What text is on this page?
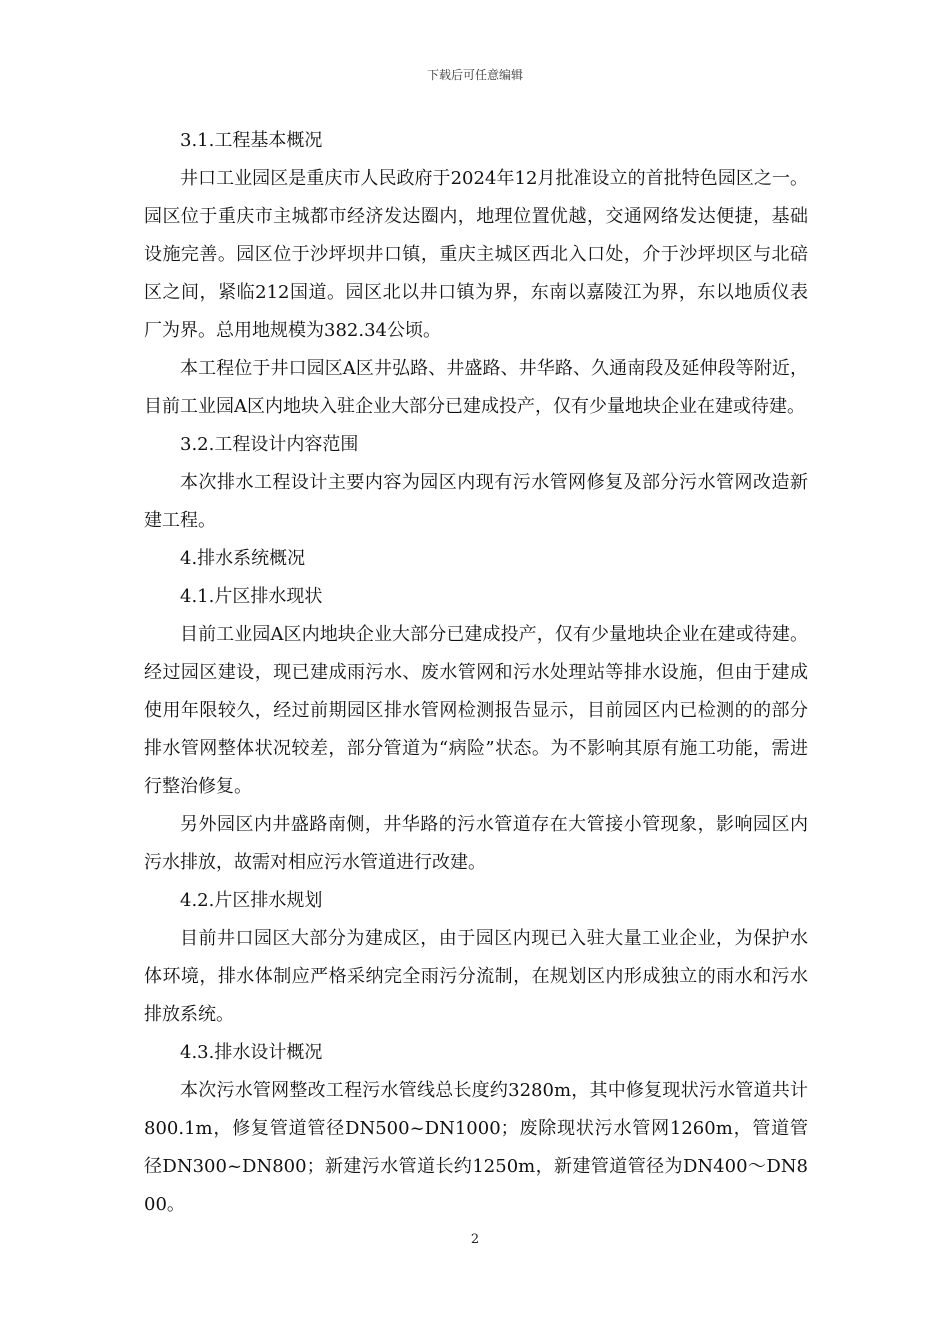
下载后可任意编辑

3.1.工程基本概况

井口工业园区是重庆市人民政府于2024年12月批准设立的首批特色园区之一。园区位于重庆市主城都市经济发达圈内，地理位置优越，交通网络发达便捷，基础设施完善。园区位于沙坪坝井口镇，重庆主城区西北入口处，介于沙坪坝区与北碚区之间，紧临212国道。园区北以井口镇为界，东南以嘉陵江为界，东以地质仪表厂为界。总用地规模为382.34公顷。

本工程位于井口园区A区井弘路、井盛路、井华路、久通南段及延伸段等附近，目前工业园A区内地块入驻企业大部分已建成投产，仅有少量地块企业在建或待建。

3.2.工程设计内容范围

本次排水工程设计主要内容为园区内现有污水管网修复及部分污水管网改造新建工程。

4.排水系统概况

4.1.片区排水现状

目前工业园A区内地块企业大部分已建成投产，仅有少量地块企业在建或待建。经过园区建设，现已建成雨污水、废水管网和污水处理站等排水设施，但由于建成使用年限较久，经过前期园区排水管网检测报告显示，目前园区内已检测的的部分排水管网整体状况较差，部分管道为“病险”状态。为不影响其原有施工功能，需进行整治修复。

另外园区内井盛路南侧，井华路的污水管道存在大管接小管现象，影响园区内污水排放，故需对相应污水管道进行改建。

4.2.片区排水规划

目前井口园区大部分为建成区，由于园区内现已入驻大量工业企业，为保护水体环境，排水体制应严格采纳完全雨污分流制，在规划区内形成独立的雨水和污水排放系统。

4.3.排水设计概况

本次污水管网整改工程污水管线总长度约3280m，其中修复现状污水管道共计800.1m，修复管道管径DN500~DN1000；废除现状污水管网1260m，管道管径DN300~DN800；新建污水管道长约1250m，新建管道管径为DN400～DN800。

2
